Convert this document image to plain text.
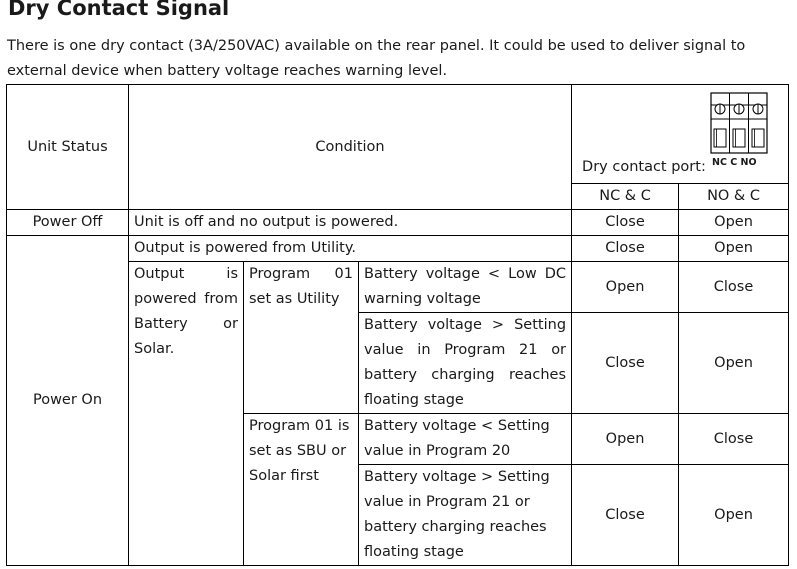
Dry Contact Signal

There is one dry contact (3A/250VAC) available on the rear panel. It could be used to deliver signal to external device when battery voltage reaches warning level.

Unit Status	Condition			Dry contact port: NC C NO	

				NC & C	NO & C
Power Off	Unit is off and no output is powered.			Close	Open
Power On	Output is powered from Utility.			Close	Open
	Output is powered from Battery or Solar.	Program 01 set as Utility	Battery voltage < Low DC warning voltage	Open	Close
			Battery voltage > Setting value in Program 21 or battery charging reaches floating stage	Close	Open
		Program 01 is set as SBU or Solar first	Battery voltage < Setting value in Program 20	Open	Close
			Battery voltage > Setting value in Program 21 or battery charging reaches floating stage	Close	Open
